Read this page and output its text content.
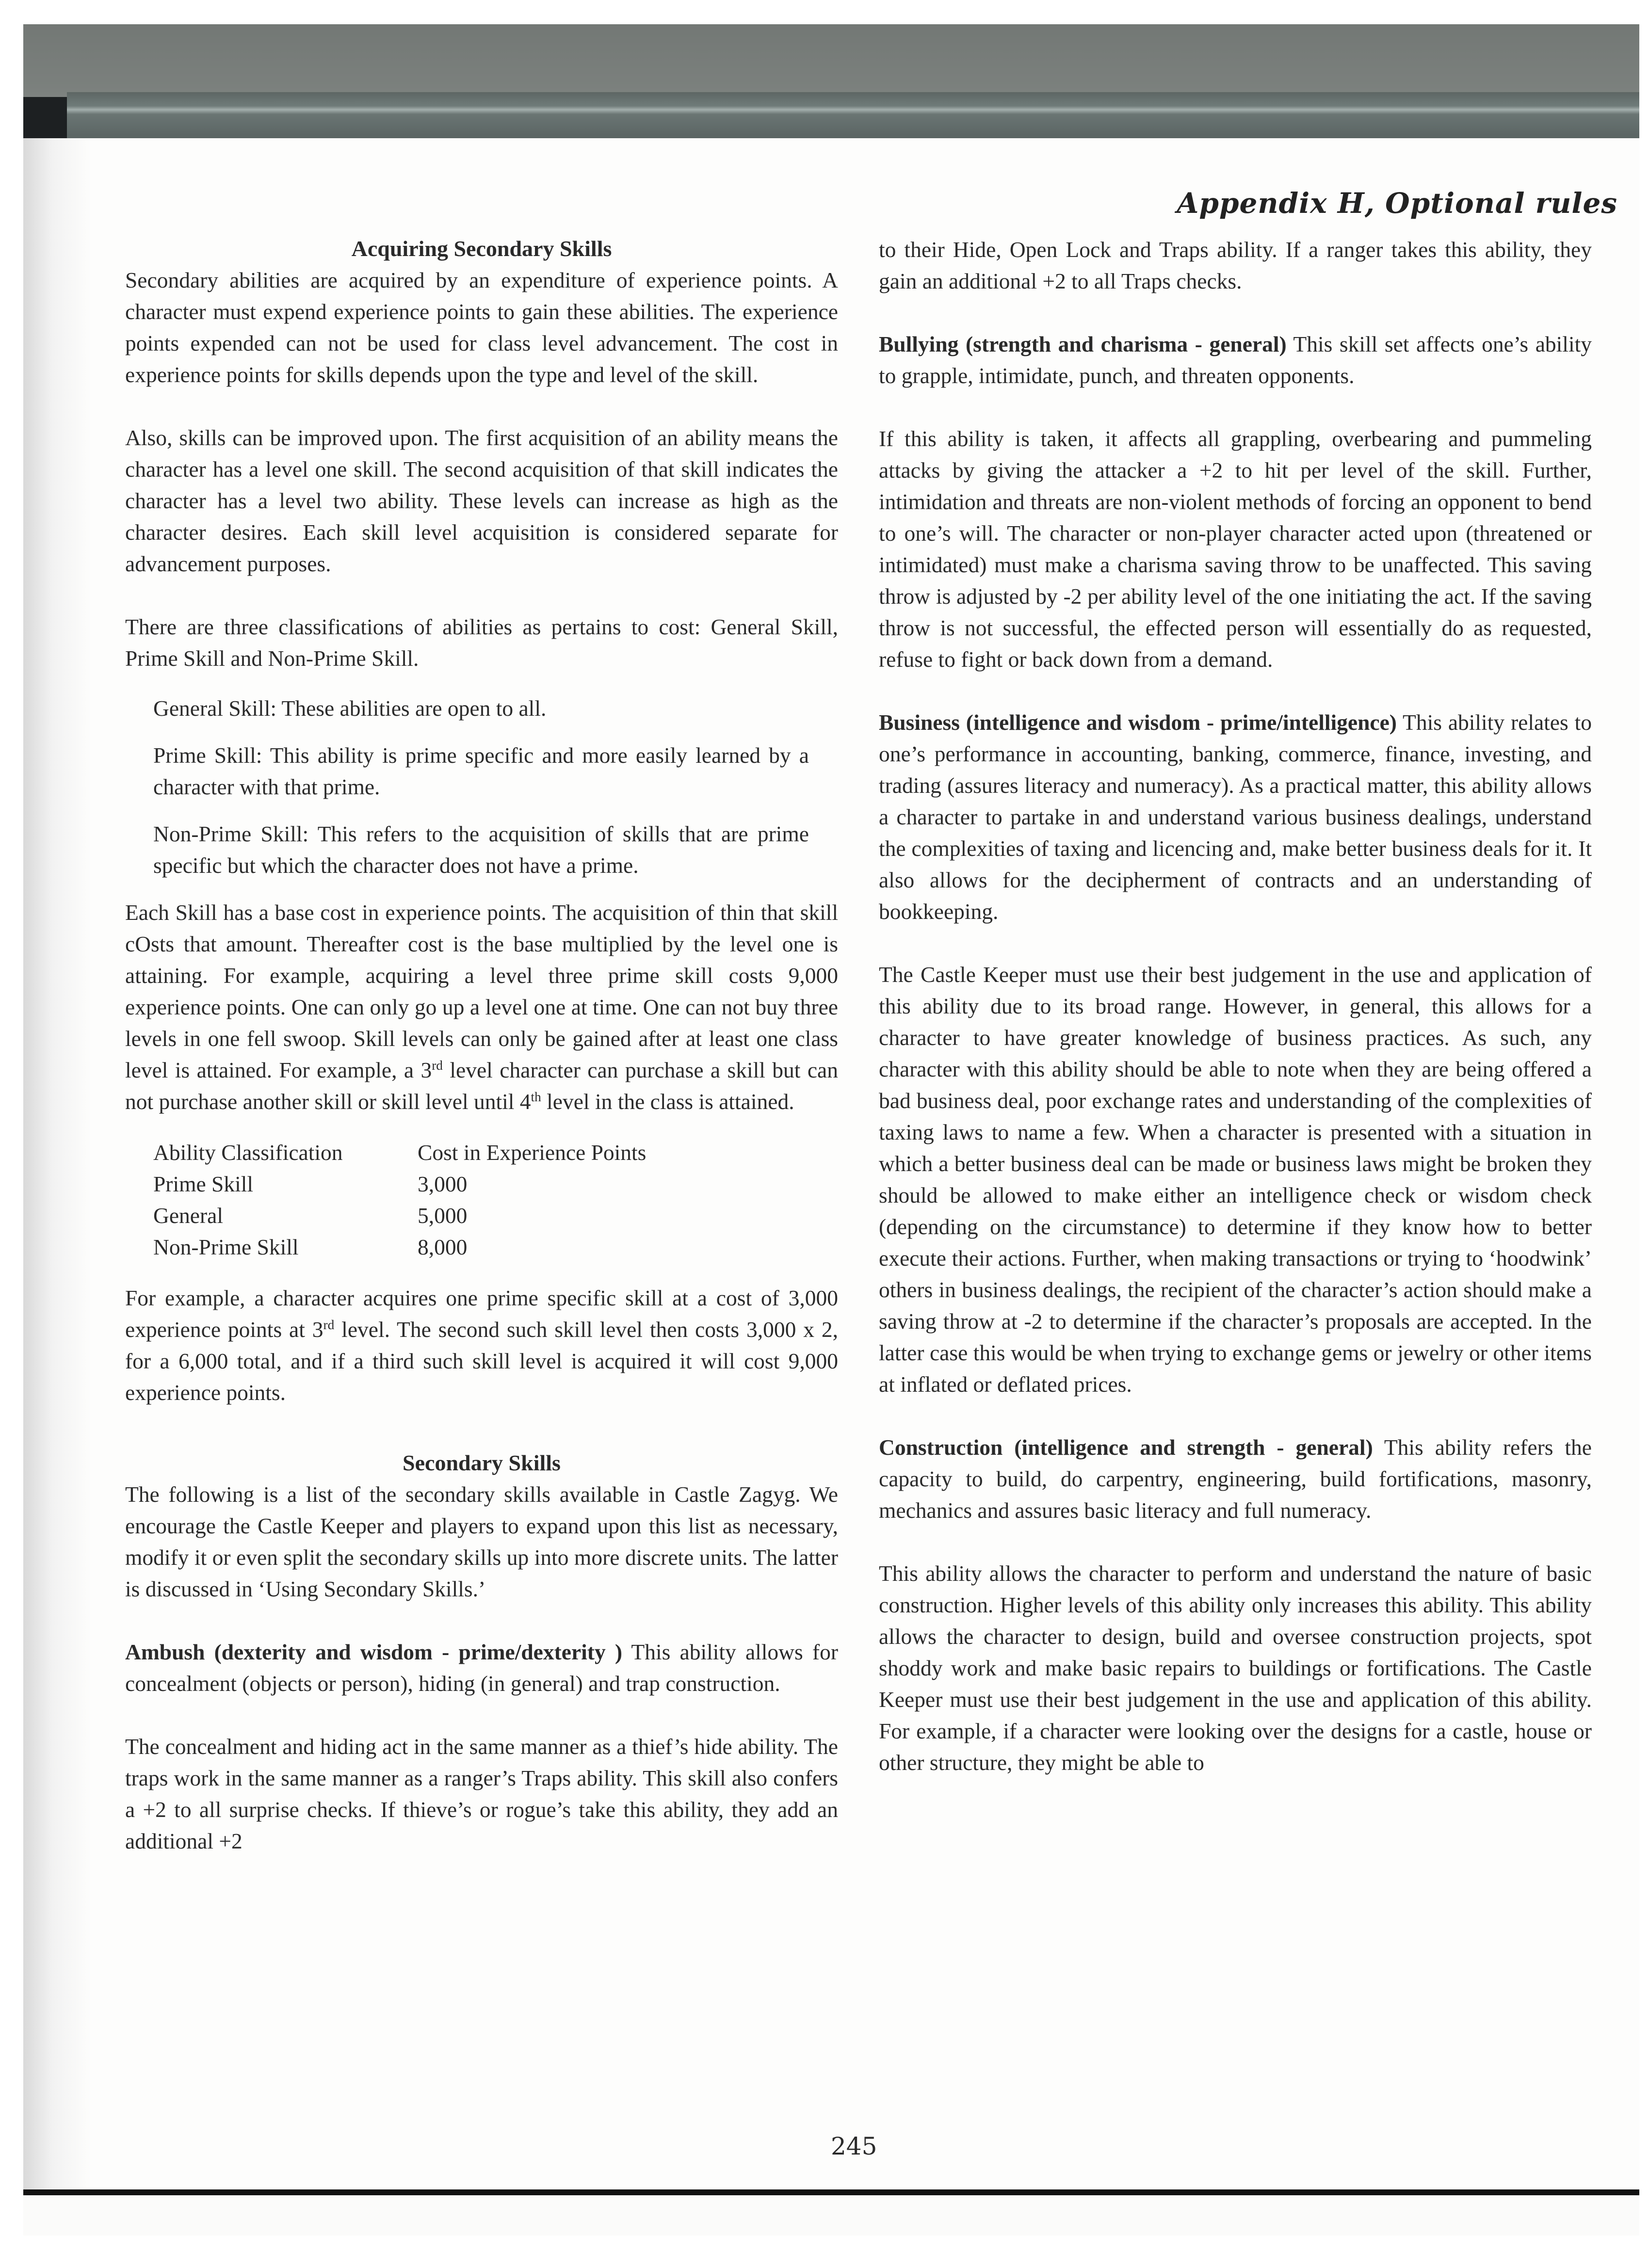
Appendix H, Optional rules
Acquiring Secondary Skills

Secondary abilities are acquired by an expenditure of experience points. A character must expend experience points to gain these abilities. The experience points expended can not be used for class level advancement. The cost in experience points for skills depends upon the type and level of the skill.

Also, skills can be improved upon. The first acquisition of an ability means the character has a level one skill. The second acquisition of that skill indicates the character has a level two ability. These levels can increase as high as the character desires. Each skill level acquisition is considered separate for advancement purposes.

There are three classifications of abilities as pertains to cost: General Skill, Prime Skill and Non-Prime Skill.

General Skill: These abilities are open to all.

Prime Skill: This ability is prime specific and more easily learned by a character with that prime.

Non-Prime Skill: This refers to the acquisition of skills that are prime specific but which the character does not have a prime.

Each Skill has a base cost in experience points. The acquisition of thin that skill cOsts that amount. Thereafter cost is the base multiplied by the level one is attaining. For example, acquiring a level three prime skill costs 9,000 experience points. One can only go up a level one at time. One can not buy three levels in one fell swoop. Skill levels can only be gained after at least one class level is attained. For example, a 3rd level character can purchase a skill but can not purchase another skill or skill level until 4th level in the class is attained.

Ability Classification	Cost in Experience Points
Prime Skill	3,000
General	5,000
Non-Prime Skill	8,000

For example, a character acquires one prime specific skill at a cost of 3,000 experience points at 3rd level. The second such skill level then costs 3,000 x 2, for a 6,000 total, and if a third such skill level is acquired it will cost 9,000 experience points.

Secondary Skills

The following is a list of the secondary skills available in Castle Zagyg. We encourage the Castle Keeper and players to expand upon this list as necessary, modify it or even split the secondary skills up into more discrete units. The latter is discussed in ‘Using Secondary Skills.’

Ambush (dexterity and wisdom - prime/dexterity ) This ability allows for concealment (objects or person), hiding (in general) and trap construction.

The concealment and hiding act in the same manner as a thief’s hide ability. The traps work in the same manner as a ranger’s Traps ability. This skill also confers a +2 to all surprise checks. If thieve’s or rogue’s take this ability, they add an additional +2

to their Hide, Open Lock and Traps ability. If a ranger takes this ability, they gain an additional +2 to all Traps checks.

Bullying (strength and charisma - general) This skill set affects one’s ability to grapple, intimidate, punch, and threaten opponents.

If this ability is taken, it affects all grappling, overbearing and pummeling attacks by giving the attacker a +2 to hit per level of the skill. Further, intimidation and threats are non-violent methods of forcing an opponent to bend to one’s will. The character or non-player character acted upon (threatened or intimidated) must make a charisma saving throw to be unaffected. This saving throw is adjusted by -2 per ability level of the one initiating the act. If the saving throw is not successful, the effected person will essentially do as requested, refuse to fight or back down from a demand.

Business (intelligence and wisdom - prime/intelligence) This ability relates to one’s performance in accounting, banking, commerce, finance, investing, and trading (assures literacy and numeracy). As a practical matter, this ability allows a character to partake in and understand various business dealings, understand the complexities of taxing and licencing and, make better business deals for it. It also allows for the decipherment of contracts and an understanding of bookkeeping.

The Castle Keeper must use their best judgement in the use and application of this ability due to its broad range. However, in general, this allows for a character to have greater knowledge of business practices. As such, any character with this ability should be able to note when they are being offered a bad business deal, poor exchange rates and understanding of the complexities of taxing laws to name a few. When a character is presented with a situation in which a better business deal can be made or business laws might be broken they should be allowed to make either an intelligence check or wisdom check (depending on the circumstance) to determine if they know how to better execute their actions. Further, when making transactions or trying to ‘hoodwink’ others in business dealings, the recipient of the character’s action should make a saving throw at -2 to determine if the character’s proposals are accepted. In the latter case this would be when trying to exchange gems or jewelry or other items at inflated or deflated prices.

Construction (intelligence and strength - general) This ability refers the capacity to build, do carpentry, engineering, build fortifications, masonry, mechanics and assures basic literacy and full numeracy.

This ability allows the character to perform and understand the nature of basic construction. Higher levels of this ability only increases this ability. This ability allows the character to design, build and oversee construction projects, spot shoddy work and make basic repairs to buildings or fortifications. The Castle Keeper must use their best judgement in the use and application of this ability. For example, if a character were looking over the designs for a castle, house or other structure, they might be able to

245
